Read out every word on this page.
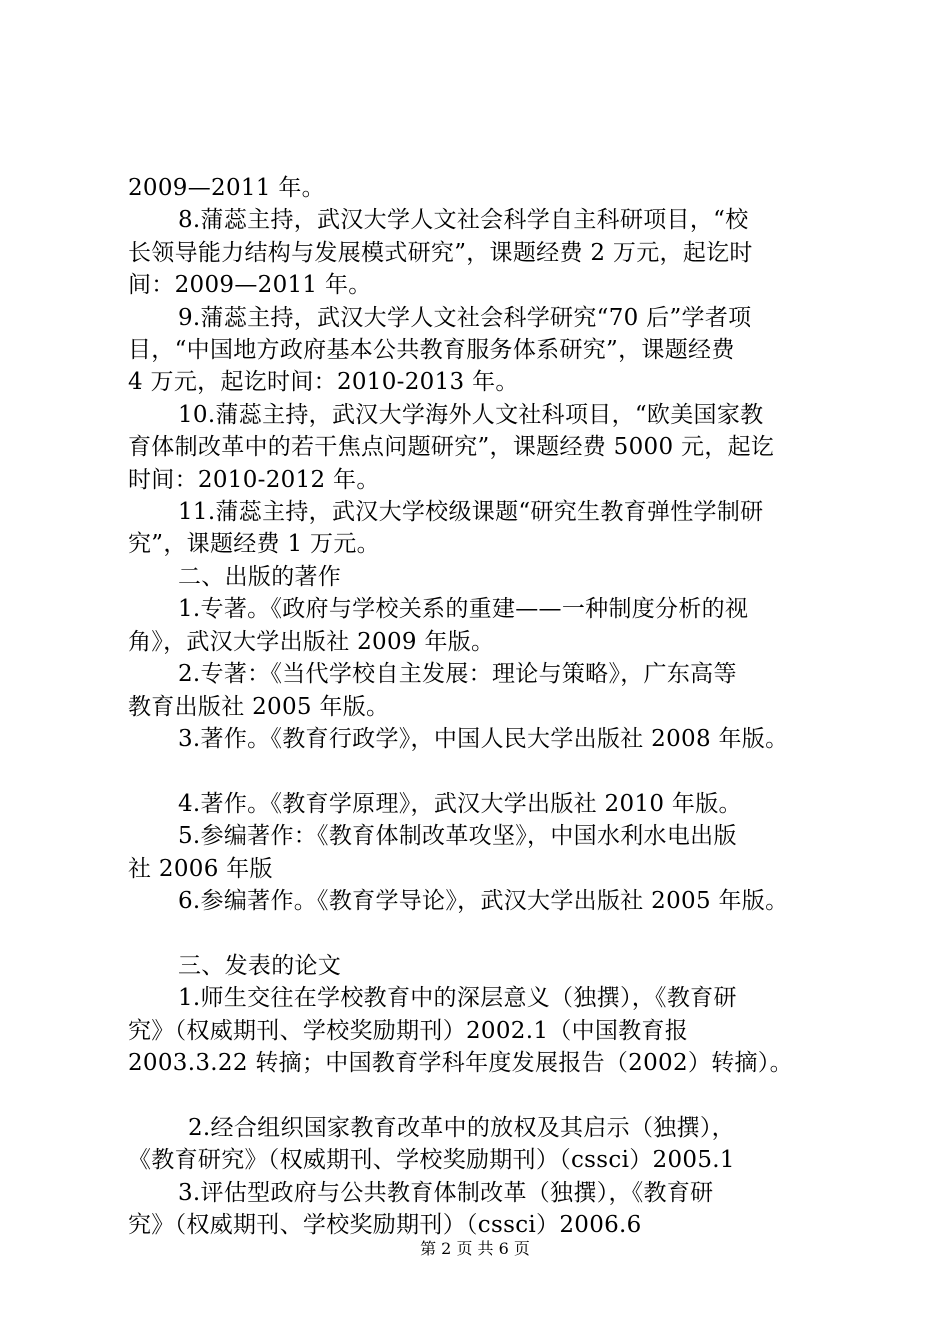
2009—2011 年。
8.蒲蕊主持，武汉大学人文社会科学自主科研项目，“校
长领导能力结构与发展模式研究”，课题经费 2 万元，起讫时
间：2009—2011 年。
9.蒲蕊主持，武汉大学人文社会科学研究“70 后”学者项
目，“中国地方政府基本公共教育服务体系研究”，课题经费
4 万元，起讫时间：2010-2013 年。
10.蒲蕊主持，武汉大学海外人文社科项目，“欧美国家教
育体制改革中的若干焦点问题研究”，课题经费 5000 元，起讫
时间：2010-2012 年。
11.蒲蕊主持，武汉大学校级课题“研究生教育弹性学制研
究”，课题经费 1 万元。
二、出版的著作
1.专著。《政府与学校关系的重建——一种制度分析的视
角》，武汉大学出版社 2009 年版。
2.专著：《当代学校自主发展：理论与策略》，广东高等
教育出版社 2005 年版。
3.著作。《教育行政学》，中国人民大学出版社 2008 年版。
4.著作。《教育学原理》，武汉大学出版社 2010 年版。
5.参编著作：《教育体制改革攻坚》，中国水利水电出版
社 2006 年版
6.参编著作。《教育学导论》，武汉大学出版社 2005 年版。
三、发表的论文
1.师生交往在学校教育中的深层意义（独撰），《教育研
究》（权威期刊、学校奖励期刊）2002.1（中国教育报
2003.3.22 转摘；中国教育学科年度发展报告（2002）转摘）。
2.经合组织国家教育改革中的放权及其启示（独撰），
《教育研究》（权威期刊、学校奖励期刊）（cssci）2005.1
3.评估型政府与公共教育体制改革（独撰），《教育研
究》（权威期刊、学校奖励期刊）（cssci）2006.6
第 2 页 共 6 页
